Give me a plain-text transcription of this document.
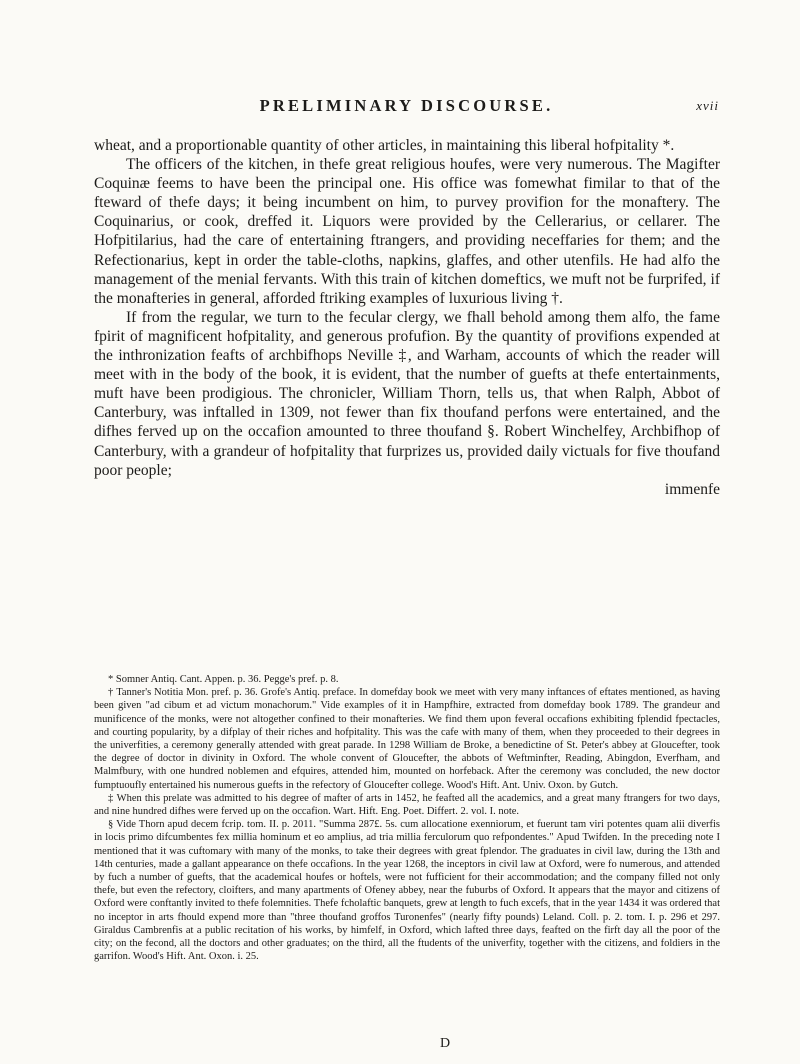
PRELIMINARY DISCOURSE.	xvii

wheat, and a proportionable quantity of other articles, in maintaining this liberal hofpitality *.

The officers of the kitchen, in thefe great religious houfes, were very numerous. The Magifter Coquinæ feems to have been the principal one. His office was fomewhat fimilar to that of the fteward of thefe days; it being incumbent on him, to purvey provifion for the monaftery. The Coquinarius, or cook, dreffed it. Liquors were provided by the Cellerarius, or cellarer. The Hofpitilarius, had the care of entertaining ftrangers, and providing neceffaries for them; and the Refectionarius, kept in order the table-cloths, napkins, glaffes, and other utenfils. He had alfo the management of the menial fervants. With this train of kitchen domeftics, we muft not be furprifed, if the monafteries in general, afforded ftriking examples of luxurious living †.

If from the regular, we turn to the fecular clergy, we fhall behold among them alfo, the fame fpirit of magnificent hofpitality, and generous profufion. By the quantity of provifions expended at the inthronization feafts of archbifhops Neville ‡, and Warham, accounts of which the reader will meet with in the body of the book, it is evident, that the number of guefts at thefe entertainments, muft have been prodigious. The chronicler, William Thorn, tells us, that when Ralph, Abbot of Canterbury, was inftalled in 1309, not fewer than fix thoufand perfons were entertained, and the difhes ferved up on the occafion amounted to three thoufand §. Robert Winchelfey, Archbifhop of Canterbury, with a grandeur of hofpitality that furprizes us, provided daily victuals for five thoufand poor people;

immenfe

* Somner Antiq. Cant. Appen. p. 36. Pegge's pref. p. 8.

† Tanner's Notitia Mon. pref. p. 36. Grofe's Antiq. preface. In domefday book we meet with very many inftances of eftates mentioned, as having been given "ad cibum et ad victum monachorum." Vide examples of it in Hampfhire, extracted from domefday book 1789. The grandeur and munificence of the monks, were not altogether confined to their monafteries. We find them upon feveral occafions exhibiting fplendid fpectacles, and courting popularity, by a difplay of their riches and hofpitality. This was the cafe with many of them, when they proceeded to their degrees in the univerfities, a ceremony generally attended with great parade. In 1298 William de Broke, a benedictine of St. Peter's abbey at Gloucefter, took the degree of doctor in divinity in Oxford. The whole convent of Gloucefter, the abbots of Weftminfter, Reading, Abingdon, Everfham, and Malmfbury, with one hundred noblemen and efquires, attended him, mounted on horfeback. After the ceremony was concluded, the new doctor fumptuoufly entertained his numerous guefts in the refectory of Gloucefter college. Wood's Hift. Ant. Univ. Oxon. by Gutch.

‡ When this prelate was admitted to his degree of mafter of arts in 1452, he feafted all the academics, and a great many ftrangers for two days, and nine hundred difhes were ferved up on the occafion. Wart. Hift. Eng. Poet. Differt. 2. vol. I. note.

§ Vide Thorn apud decem fcrip. tom. II. p. 2011. "Summa 287£. 5s. cum allocatione exenniorum, et fuerunt tam viri potentes quam alii diverfis in locis primo difcumbentes fex millia hominum et eo amplius, ad tria millia ferculorum quo refpondentes." Apud Twifden. In the preceding note I mentioned that it was cuftomary with many of the monks, to take their degrees with great fplendor. The graduates in civil law, during the 13th and 14th centuries, made a gallant appearance on thefe occafions. In the year 1268, the inceptors in civil law at Oxford, were fo numerous, and attended by fuch a number of guefts, that the academical houfes or hoftels, were not fufficient for their accommodation; and the company filled not only thefe, but even the refectory, cloifters, and many apartments of Ofeney abbey, near the fuburbs of Oxford. It appears that the mayor and citizens of Oxford were conftantly invited to thefe folemnities. Thefe fcholaftic banquets, grew at length to fuch excefs, that in the year 1434 it was ordered that no inceptor in arts fhould expend more than "three thoufand groffos Turonenfes" (nearly fifty pounds) Leland. Coll. p. 2. tom. I. p. 296 et 297. Giraldus Cambrenfis at a public recitation of his works, by himfelf, in Oxford, which lafted three days, feafted on the firft day all the poor of the city; on the fecond, all the doctors and other graduates; on the third, all the ftudents of the univerfity, together with the citizens, and foldiers in the garrifon. Wood's Hift. Ant. Oxon. i. 25.

D
